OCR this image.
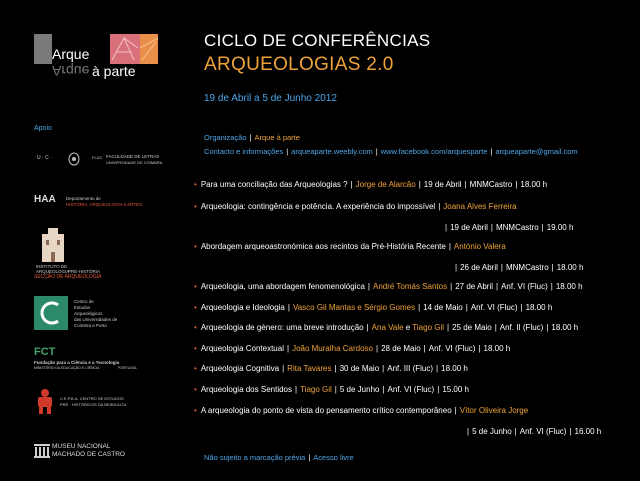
Arque
Arque à parte
CICLO DE CONFERÊNCIAS
ARQUEOLOGIAS 2.0
19 de Abril a 5 de Junho 2012
Apoio
· U · C ·	FLUC FACULDADE DE LETRAS
UNIVERSIDADE DE COIMBRA
HAA Departamento de
HISTÓRIA, ARQUEOLOGIA e ARTES
INSTITUTO DE
ARQUEOLOGIA
PRÉ-HISTÓRIA
SECÇÃO DE ARQUEOLOGIA
Centro de
Estudos
Arqueológicos
das Universidades de
Coimbra e Porto
FCT
Fundação para a Ciência e a Tecnologia
MINISTÉRIO DA EDUCAÇÃO E CIÊNCIA	PORTUGAL
C.E.P.B.A. CENTRO DE ESTUDOS
PRÉ - HISTÓRICOS DA BEIRA ALTA
MUSEU NACIONAL
MACHADO DE CASTRO
Organização | Arque à parte
Contacto e informações | arqueaparte.weebly.com | www.facebook.com/arquesparte | arqueaparte@gmail.com
• Para uma conciliação das Arqueologias ? | Jorge de Alarcão | 19 de Abril | MNMCastro | 18.00 h
• Arqueologia: contingência e potência. A experiência do impossível | Joana Alves Ferreira
| 19 de Abril | MNMCastro | 19.00 h
• Abordagem arqueoastronómica aos recintos da Pré-História Recente | António Valera
| 26 de Abril | MNMCastro | 18.00 h
• Arqueologia, uma abordagem fenomenológica | André Tomás Santos | 27 de Abril | Anf. VI (Fluc) | 18.00 h
• Arqueologia e Ideologia | Vasco Gil Mantas e Sérgio Gomes | 14 de Maio | Anf. VI (Fluc) | 18.00 h
• Arqueologia de género: uma breve introdução | Ana Vale e Tiago Gil | 25 de Maio | Anf. II (Fluc) | 18.00 h
• Arqueologia Contextual | João Muralha Cardoso | 28 de Maio | Anf. VI (Fluc) | 18.00 h
• Arqueologia Cognitiva | Rita Tavares | 30 de Maio | Anf. III (Fluc) | 18.00 h
• Arqueologia dos Sentidos | Tiago Gil | 5 de Junho | Anf. VI (Fluc) | 15.00 h
• A arqueologia do ponto de vista do pensamento crítico contemporâneo | Vítor Oliveira Jorge
| 5 de Junho | Anf. VI (Fluc) | 16.00 h
Não sujeito a marcação prévia | Acesso livre
